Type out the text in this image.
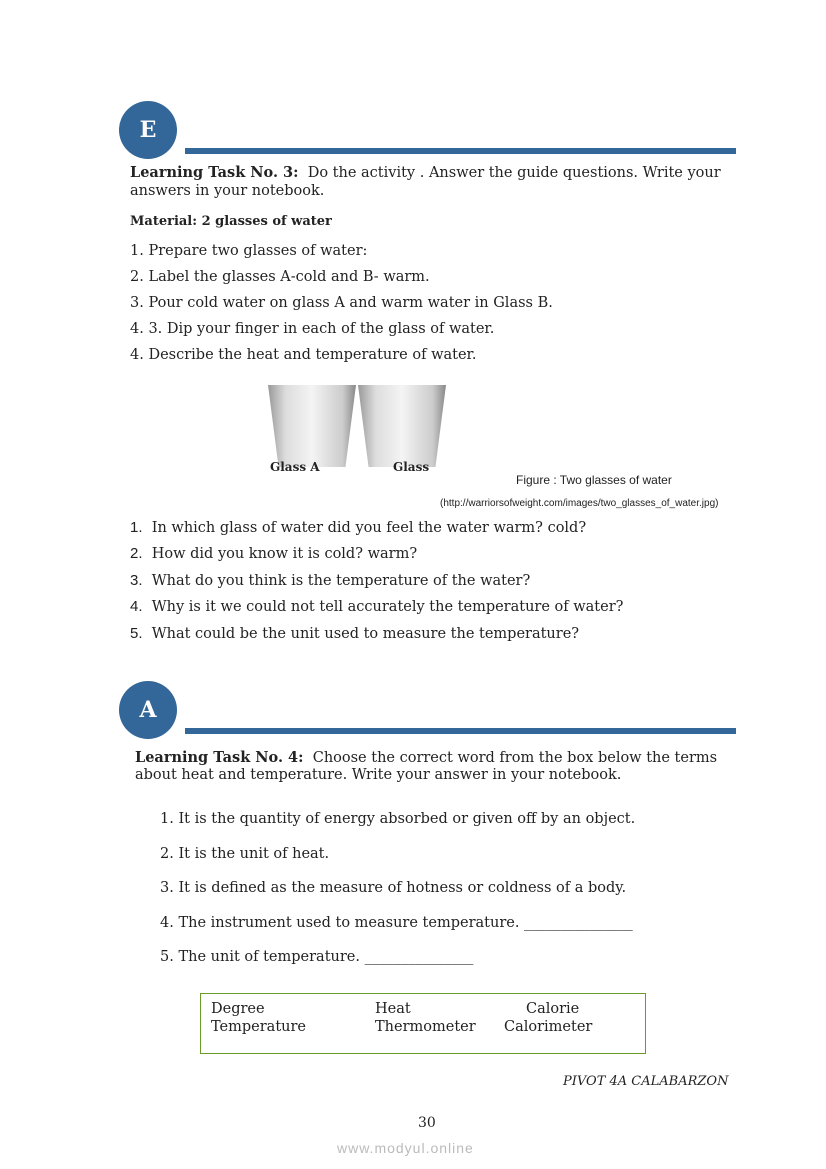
E
Learning Task No. 3: Do the activity . Answer the guide questions. Write your
answers in your notebook.
Material: 2 glasses of water
1. Prepare two glasses of water:
2. Label the glasses A-cold and B- warm.
3. Pour cold water on glass A and warm water in Glass B.
4. 3. Dip your finger in each of the glass of water.
4. Describe the heat and temperature of water.
Glass A	Glass
Figure : Two glasses of water
(http://warriorsofweight.com/images/two_glasses_of_water.jpg)
1. In which glass of water did you feel the water warm? cold?
2. How did you know it is cold? warm?
3. What do you think is the temperature of the water?
4. Why is it we could not tell accurately the temperature of water?
5. What could be the unit used to measure the temperature?
A
Learning Task No. 4: Choose the correct word from the box below the terms
about heat and temperature. Write your answer in your notebook.
1. It is the quantity of energy absorbed or given off by an object.
2. It is the unit of heat.
3. It is defined as the measure of hotness or coldness of a body.
4. The instrument used to measure temperature. _______________
5. The unit of temperature. _______________
Degree	Heat	Calorie
Temperature	Thermometer Calorimeter
PIVOT 4A CALABARZON
30
www.modyul.online
